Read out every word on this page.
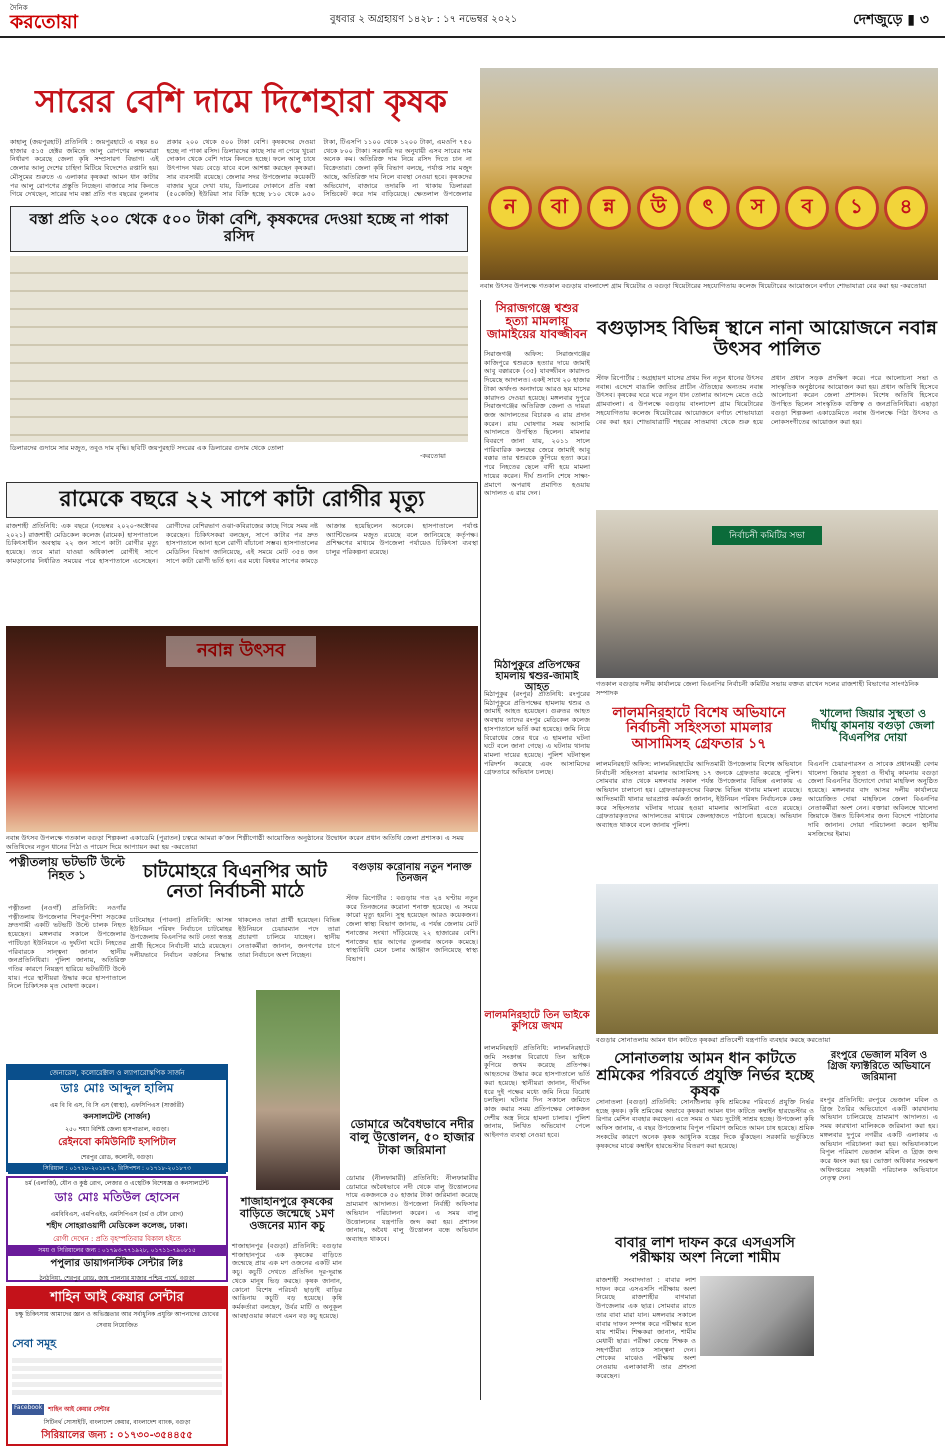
দৈনিক
করতোয়া	বুধবার ২ অগ্রহায়ণ ১৪২৮ : ১৭ নভেম্বর ২০২১	দেশজুড়ে ▮ ৩
সারের বেশি দামে দিশেহারা কৃষক
কাহালু (জয়পুরহাট) প্রতিনিধি : জয়পুরহাটে এ বছর ৪০ হাজার ৫১৫ হেক্টর জমিতে আলু রোপণের লক্ষ্যমাত্রা নির্ধারণ করেছে জেলা কৃষি সম্প্রসারণ বিভাগ। এই জেলার আলু দেশের চাহিদা মিটিয়ে বিদেশেও রপ্তানি হয়। মৌসুমের শুরুতে এ এলাকার কৃষকরা আমন ধান কাটার পর আলু রোপণের প্রস্তুতি নিচ্ছেন। বাজারে সার কিনতে গিয়ে দেখছেন, সারের দাম বস্তা প্রতি গত বছরের তুলনায় প্রকার ২০০ থেকে ৫০০ টাকা বেশি। কৃষকদের দেওয়া হচ্ছে না পাকা রসিদ। ডিলারদের কাছে সার না পেয়ে খুচরা দোকান থেকে বেশি দামে কিনতে হচ্ছে। ফলে আলু চাষে উৎপাদন খরচ বেড়ে যাবে বলে আশঙ্কা করছেন কৃষকরা। সার ব্যবসায়ী রয়েছে। জেলার সদর উপজেলার কয়েকটি বাজার ঘুরে দেখা যায়, ডিলারের দোকানে প্রতি বস্তা (৫০কেজি) ইউরিয়া সার বিক্রি হচ্ছে ৮১০ থেকে ৯৫০ টাকা, টিএসপি ১১০০ থেকে ১২০০ টাকা, এমওপি ৭৫০ থেকে ৮০০ টাকা। সরকারি দর অনুযায়ী এসব সারের দাম অনেক কম। অতিরিক্ত দাম নিয়ে রসিদ দিতে চান না বিক্রেতারা। জেলা কৃষি বিভাগ বলছে, পর্যাপ্ত সার মজুদ আছে, অতিরিক্ত দাম নিলে ব্যবস্থা নেওয়া হবে। কৃষকদের অভিযোগ, বাজারে তদারকি না থাকায় ডিলাররা সিন্ডিকেট করে দাম বাড়িয়েছে। ক্ষেতলাল উপজেলার
বস্তা প্রতি ২০০ থেকে ৫০০ টাকা বেশি, কৃষকদের দেওয়া হচ্ছে না পাকা রসিদ
ডিলারদের গুদামে সার মজুত, তবুও দাম বৃদ্ধি। ছবিটি জয়পুরহাট সদরের এক ডিলারের গুদাম থেকে তোলা
-করতোয়া
ন	বা	ন্ন	উ	ৎ	স	ব	১	৪
নবান্ন উৎসব উপলক্ষে গতকাল বগুড়ায় বাংলাদেশ গ্রাম থিয়েটার ও বগুড়া থিয়েটারের সহযোগিতায় কলেজ থিয়েটারের আয়োজনে বর্ণাঢ্য শোভাযাত্রা বের করা হয় -করতোয়া
রামেকে বছরে ২২ সাপে কাটা রোগীর মৃত্যু
রাজশাহী প্রতিনিধি: এক বছরে (নভেম্বর ২০২০-অক্টোবর ২০২১) রাজশাহী মেডিকেল কলেজ (রামেক) হাসপাতালে চিকিৎসাধীন অবস্থায় ২২ জন সাপে কাটা রোগীর মৃত্যু হয়েছে। তবে মারা যাওয়া অধিকাংশ রোগীই সাপে কামড়ানোর নির্ধারিত সময়ের পরে হাসপাতালে এসেছেন। রোগীদের বেশিরভাগ ওঝা-কবিরাজের কাছে গিয়ে সময় নষ্ট করেছেন। চিকিৎসকরা বলছেন, সাপে কাটার পর দ্রুত হাসপাতালে আনা হলে রোগী বাঁচানো সম্ভব। হাসপাতালের মেডিসিন বিভাগ জানিয়েছে, এই সময়ে মোট ৩৫৪ জন সাপে কাটা রোগী ভর্তি হন। এর মধ্যে বিষধর সাপের কামড়ে আক্রান্ত হয়েছিলেন অনেকে। হাসপাতালে পর্যাপ্ত অ্যান্টিভেনম মজুত রয়েছে বলে জানিয়েছে কর্তৃপক্ষ। প্রশিক্ষণের মাধ্যমে উপজেলা পর্যায়েও চিকিৎসা ব্যবস্থা চালুর পরিকল্পনা রয়েছে।
নবান্ন উৎসব
নবান্ন উৎসব উপলক্ষে গতকাল বগুড়া শিল্পকলা একাডেমি (পুরাতন) চত্বরে আমরা ক’জন শিল্পীগোষ্ঠী আয়োজিত অনুষ্ঠানের উদ্বোধন করেন প্রধান অতিথি জেলা প্রশাসক। এ সময় অতিথিদের নতুন ধানের পিঠা ও পায়েস দিয়ে আপ্যায়ন করা হয় -করতোয়া
সিরাজগঞ্জে শ্বশুর হত্যা মামলায় জামাইয়ের যাবজ্জীবন
সিরাজগঞ্জ অফিস: সিরাজগঞ্জের কাজিপুরে শ্বশুরকে হত্যার দায়ে জামাই আবু বক্কারকে (৩৫) যাবজ্জীবন কারাদণ্ড দিয়েছে আদালত। একই সাথে ২০ হাজার টাকা অর্থদণ্ড অনাদায়ে আরও ছয় মাসের কারাদণ্ড দেওয়া হয়েছে। মঙ্গলবার দুপুরে সিরাজগঞ্জের অতিরিক্ত জেলা ও দায়রা জজ আদালতের বিচারক এ রায় প্রদান করেন। রায় ঘোষণার সময় আসামি আদালতে উপস্থিত ছিলেন। মামলার বিবরণে জানা যায়, ২০১১ সালে পারিবারিক কলহের জেরে জামাই আবু বক্কার তার শ্বশুরকে কুপিয়ে হত্যা করে। পরে নিহতের ছেলে বাদী হয়ে মামলা দায়ের করেন। দীর্ঘ শুনানি শেষে সাক্ষ্য-প্রমাণে অপরাধ প্রমাণিত হওয়ায় আদালত এ রায় দেন।
মিঠাপুকুরে প্রতিপক্ষের হামলায় শ্বশুর-জামাই আহত
মিঠাপুকুর (রংপুর) প্রতিনিধি: রংপুরের মিঠাপুকুরে প্রতিপক্ষের হামলায় শ্বশুর ও জামাই আহত হয়েছেন। গুরুতর আহত অবস্থায় তাদের রংপুর মেডিকেল কলেজ হাসপাতালে ভর্তি করা হয়েছে। জমি নিয়ে বিরোধের জের ধরে এ হামলার ঘটনা ঘটে বলে জানা গেছে। এ ঘটনায় থানায় মামলা দায়ের হয়েছে। পুলিশ ঘটনাস্থল পরিদর্শন করেছে এবং আসামিদের গ্রেফতারে অভিযান চলছে।
লালমনিরহাটে তিন ভাইকে কুপিয়ে জখম
লালমনিরহাট প্রতিনিধি: লালমনিরহাটে জমি সংক্রান্ত বিরোধে তিন ভাইকে কুপিয়ে জখম করেছে প্রতিপক্ষ। আহতদের উদ্ধার করে হাসপাতালে ভর্তি করা হয়েছে। স্থানীয়রা জানান, দীর্ঘদিন ধরে দুই পক্ষের মধ্যে জমি নিয়ে বিরোধ চলছিল। ঘটনার দিন সকালে জমিতে কাজ করার সময় প্রতিপক্ষের লোকজন দেশীয় অস্ত্র নিয়ে হামলা চালায়। পুলিশ জানায়, লিখিত অভিযোগ পেলে আইনগত ব্যবস্থা নেওয়া হবে।
বগুড়াসহ বিভিন্ন স্থানে নানা আয়োজনে নবান্ন উৎসব পালিত
স্টাফ রিপোর্টার : অগ্রহায়ণ মাসের প্রথম দিন নতুন ধানের উৎসব নবান্ন। এদেশে বাঙালি জাতির প্রাচীন ঐতিহ্যের অন্যতম নবান্ন উৎসব। কৃষকের ঘরে ঘরে নতুন ধান তোলার আনন্দে মেতে ওঠে গ্রামবাংলা। এ উপলক্ষে বগুড়ায় বাংলাদেশ গ্রাম থিয়েটারের সহযোগিতায় কলেজ থিয়েটারের আয়োজনে বর্ণাঢ্য শোভাযাত্রা বের করা হয়। শোভাযাত্রাটি শহরের সাতমাথা থেকে শুরু হয়ে প্রধান প্রধান সড়ক প্রদক্ষিণ করে। পরে আলোচনা সভা ও সাংস্কৃতিক অনুষ্ঠানের আয়োজন করা হয়। প্রধান অতিথি হিসেবে আলোচনা করেন জেলা প্রশাসক। বিশেষ অতিথি হিসেবে উপস্থিত ছিলেন সাংস্কৃতিক ব্যক্তিত্ব ও জনপ্রতিনিধিরা। এছাড়া বগুড়া শিল্পকলা একাডেমিতে নবান্ন উপলক্ষে পিঠা উৎসব ও লোকসংগীতের আয়োজন করা হয়।
নির্বাচনী কমিটির সভা
গতকাল বগুড়ায় দলীয় কার্যালয়ে জেলা বিএনপির নির্বাচনী কমিটির সভায় বক্তব্য রাখেন দলের রাজশাহী বিভাগের সাংগঠনিক সম্পাদক
লালমনিরহাটে বিশেষ অভিযানে নির্বাচনী সহিংসতা মামলার আসামিসহ গ্রেফতার ১৭
লালমনিরহাট অফিস: লালমনিরহাটের আদিতমারী উপজেলায় বিশেষ অভিযানে নির্বাচনী সহিংসতা মামলার আসামিসহ ১৭ জনকে গ্রেফতার করেছে পুলিশ। সোমবার রাত থেকে মঙ্গলবার সকাল পর্যন্ত উপজেলার বিভিন্ন এলাকায় এ অভিযান চালানো হয়। গ্রেফতারকৃতদের বিরুদ্ধে বিভিন্ন থানায় মামলা রয়েছে। আদিতমারী থানার ভারপ্রাপ্ত কর্মকর্তা জানান, ইউনিয়ন পরিষদ নির্বাচনকে কেন্দ্র করে সহিংসতার ঘটনায় দায়ের হওয়া মামলার আসামিরা এতে রয়েছে। গ্রেফতারকৃতদের আদালতের মাধ্যমে জেলহাজতে পাঠানো হয়েছে। অভিযান অব্যাহত থাকবে বলে জানায় পুলিশ।
খালেদা জিয়ার সুস্থতা ও দীর্ঘায়ু কামনায় বগুড়া জেলা বিএনপির দোয়া
বিএনপি চেয়ারপারসন ও সাবেক প্রধানমন্ত্রী বেগম খালেদা জিয়ার সুস্থতা ও দীর্ঘায়ু কামনায় বগুড়া জেলা বিএনপির উদ্যোগে দোয়া মাহফিল অনুষ্ঠিত হয়েছে। মঙ্গলবার বাদ আসর দলীয় কার্যালয়ে আয়োজিত দোয়া মাহফিলে জেলা বিএনপির নেতাকর্মীরা অংশ নেন। বক্তারা অবিলম্বে খালেদা জিয়াকে উন্নত চিকিৎসার জন্য বিদেশে পাঠানোর দাবি জানান। দোয়া পরিচালনা করেন স্থানীয় মসজিদের ইমাম।
বগুড়ার সোনাতলায় আমন ধান কাটতে কৃষকরা প্রতিবেশী যন্ত্রপাতি ব্যবহার করছে করতোয়া
সোনাতলায় আমন ধান কাটতে শ্রমিকের পরিবর্তে প্রযুক্তি নির্ভর হচ্ছে কৃষক
সোনাতলা (বগুড়া) প্রতিনিধি: সোনাতলায় কৃষি শ্রমিকের পরিবর্তে প্রযুক্তি নির্ভর হচ্ছে কৃষক। কৃষি শ্রমিকের অভাবে কৃষকরা আমন ধান কাটতে কম্বাইন হারভেস্টার ও রিপার মেশিন ব্যবহার করছেন। এতে সময় ও খরচ দুটোই সাশ্রয় হচ্ছে। উপজেলা কৃষি অফিস জানায়, এ বছর উপজেলায় বিপুল পরিমাণ জমিতে আমন চাষ হয়েছে। শ্রমিক সংকটের কারণে অনেক কৃষক আধুনিক যন্ত্রের দিকে ঝুঁকছেন। সরকারি ভর্তুকিতে কৃষকদের মাঝে কম্বাইন হারভেস্টার বিতরণ করা হয়েছে।
রংপুরে ভেজাল মবিল ও গ্রিজ ফ্যাক্টরিতে অভিযানে জরিমানা
রংপুর প্রতিনিধি: রংপুরে ভেজাল মবিল ও গ্রিজ তৈরির অভিযোগে একটি কারখানায় অভিযান চালিয়েছে ভ্রাম্যমাণ আদালত। এ সময় কারখানা মালিককে জরিমানা করা হয়। মঙ্গলবার দুপুরে নগরীর একটি এলাকায় এ অভিযান পরিচালনা করা হয়। অভিযানকালে বিপুল পরিমাণ ভেজাল মবিল ও গ্রিজ জব্দ করে ধ্বংস করা হয়। ভোক্তা অধিকার সংরক্ষণ অধিদপ্তরের সহকারী পরিচালক অভিযানে নেতৃত্ব দেন।
বাবার লাশ দাফন করে এসএসসি পরীক্ষায় অংশ নিলো শামীম
রাজশাহী সংবাদদাতা : বাবার লাশ দাফন করে এসএসসি পরীক্ষায় অংশ নিয়েছে রাজশাহীর বাগমারা উপজেলার এক ছাত্র। সোমবার রাতে তার বাবা মারা যান। মঙ্গলবার সকালে বাবার দাফন সম্পন্ন করে পরীক্ষার হলে যায় শামীম। শিক্ষকরা জানান, শামীম মেধাবী ছাত্র। পরীক্ষা কেন্দ্রে শিক্ষক ও সহপাঠীরা তাকে সান্ত্বনা দেন। শোকের মাঝেও পরীক্ষায় অংশ নেওয়ায় এলাকাবাসী তার প্রশংসা করেছেন।
পত্নীতলায় ভটভটি উল্টে নিহত ১
পত্নীতলা (নওগাঁ) প্রতিনিধি: নওগাঁর পত্নীতলায় উপজেলার শিবপুর-শিশা সড়কের দ্রুতগামী একটি ভটভটি উল্টে চালক নিহত হয়েছেন। মঙ্গলবার সকালে উপজেলার পাটিচড়া ইউনিয়নে এ দুর্ঘটনা ঘটে। নিহতের পরিবারকে সান্ত্বনা জানান স্থানীয় জনপ্রতিনিধিরা। পুলিশ জানায়, অতিরিক্ত গতির কারণে নিয়ন্ত্রণ হারিয়ে ভটভটিটি উল্টে যায়। পরে স্থানীয়রা উদ্ধার করে হাসপাতালে নিলে চিকিৎসক মৃত ঘোষণা করেন।
চাটমোহরে বিএনপির আট নেতা নির্বাচনী মাঠে
চাটমোহর (পাবনা) প্রতিনিধি: আসন্ন ইউনিয়ন পরিষদ নির্বাচনে চাটমোহর উপজেলায় বিএনপির আট নেতা স্বতন্ত্র প্রার্থী হিসেবে নির্বাচনী মাঠে রয়েছেন। দলীয়ভাবে নির্বাচন বর্জনের সিদ্ধান্ত থাকলেও তারা প্রার্থী হয়েছেন। বিভিন্ন ইউনিয়নে চেয়ারম্যান পদে তারা প্রচারণা চালিয়ে যাচ্ছেন। স্থানীয় নেতাকর্মীরা জানান, জনগণের চাপে তারা নির্বাচনে অংশ নিচ্ছেন।
বগুড়ায় করোনায় নতুন শনাক্ত তিনজন
স্টাফ রিপোর্টার : বগুড়ায় গত ২৪ ঘণ্টায় নতুন করে তিনজনের করোনা শনাক্ত হয়েছে। এ সময়ে কারো মৃত্যু হয়নি। সুস্থ হয়েছেন আরও কয়েকজন। জেলা স্বাস্থ্য বিভাগ জানায়, এ পর্যন্ত জেলায় মোট শনাক্তের সংখ্যা দাঁড়িয়েছে ২২ হাজারের বেশি। শনাক্তের হার আগের তুলনায় অনেক কমেছে। স্বাস্থ্যবিধি মেনে চলার আহ্বান জানিয়েছে স্বাস্থ্য বিভাগ।
ডোমারে অবৈধভাবে নদীর বালু উত্তোলন, ৫০ হাজার টাকা জরিমানা
ডোমার (নীলফামারী) প্রতিনিধি: নীলফামারীর ডোমারে অবৈধভাবে নদী থেকে বালু উত্তোলনের দায়ে একজনকে ৫০ হাজার টাকা জরিমানা করেছে ভ্রাম্যমাণ আদালত। উপজেলা নির্বাহী অফিসার অভিযান পরিচালনা করেন। এ সময় বালু উত্তোলনের যন্ত্রপাতি জব্দ করা হয়। প্রশাসন জানায়, অবৈধ বালু উত্তোলন বন্ধে অভিযান অব্যাহত থাকবে।
শাজাহানপুরে কৃষকের বাড়িতে জন্মেছে ১মণ ওজনের ম্যান কচু
শাজাহানপুর (বগুড়া) প্রতিনিধি: বগুড়ার শাজাহানপুরে এক কৃষকের বাড়িতে জন্মেছে প্রায় এক মণ ওজনের একটি মান কচু। কচুটি দেখতে প্রতিদিন দূর-দূরান্ত থেকে মানুষ ভিড় করছে। কৃষক জানান, কোনো বিশেষ পরিচর্যা ছাড়াই বাড়ির আঙিনায় কচুটি বড় হয়েছে। কৃষি কর্মকর্তারা বলছেন, উর্বর মাটি ও অনুকূল আবহাওয়ার কারণে এমন বড় কচু হয়েছে।
জেনারেল, কলোরেক্টাল ও ল্যাপারোস্কপিক সার্জন
ডাঃ মোঃ আব্দুল হালিম
এম বি বি এস, বি সি এস (স্বাস্থ্য), এফসিপিএস (সার্জারী)
কনসালটেন্ট (সার্জন)
২৫০ শয্যা বিশিষ্ট জেলা হাসপাতাল, বগুড়া।
রেইনবো কমিউনিটি হসপিটাল
শেরপুর রোড, কলোনী, বগুড়া।
সিরিয়াল : ০১৭১৮-২০১৮৭২, রিসিপশন : ০১৭১৮-২০১৮৭৩
চর্ম (এলার্জি), যৌন ও কুষ্ঠ রোগ, লেজার ও এস্থেটিক বিশেষজ্ঞ ও কনসালটেন্ট
ডাঃ মোঃ মতিউল হোসেন
এমবিবিএস, এমপিএইচ, এমসিপিএস (চর্ম ও যৌন রোগ)
শহীদ সোহরাওয়ার্দী মেডিকেল কলেজ, ঢাকা।
রোগী দেখেন : প্রতি বৃহস্পতিবার বিকাল হইতে
সময় ও সিরিয়ালের জন্য : ০১৭৯৩-৭৭১৯২৮, ০১৭১১-৭৯০৮১৫
পপুলার ডায়াগনস্টিক সেন্টার লিঃ
ঠনঠনিয়া, শেরপুর রোড, জাহ পালনার মাজার পশ্চিম পার্শ্বে, বগুড়া
শাহিন আই কেয়ার সেন্টার
চক্ষু চিকিৎসায় আমাদের জ্ঞান ও অভিজ্ঞতার আর সর্বাধুনিক প্রযুক্তি আপনাদের চোখের সেবায় নিয়োজিত
সেবা সমূহ
Facebook	শাহিন আই কেয়ার সেন্টার
সিটিনর্থ সোসাইটি, বাংলাদেশ কেয়ার, বাংলাদেশ ব্যাংক, বগুড়া
সিরিয়ালের জন্য : ০১৭৩০-৩৫৪৪৫৫
